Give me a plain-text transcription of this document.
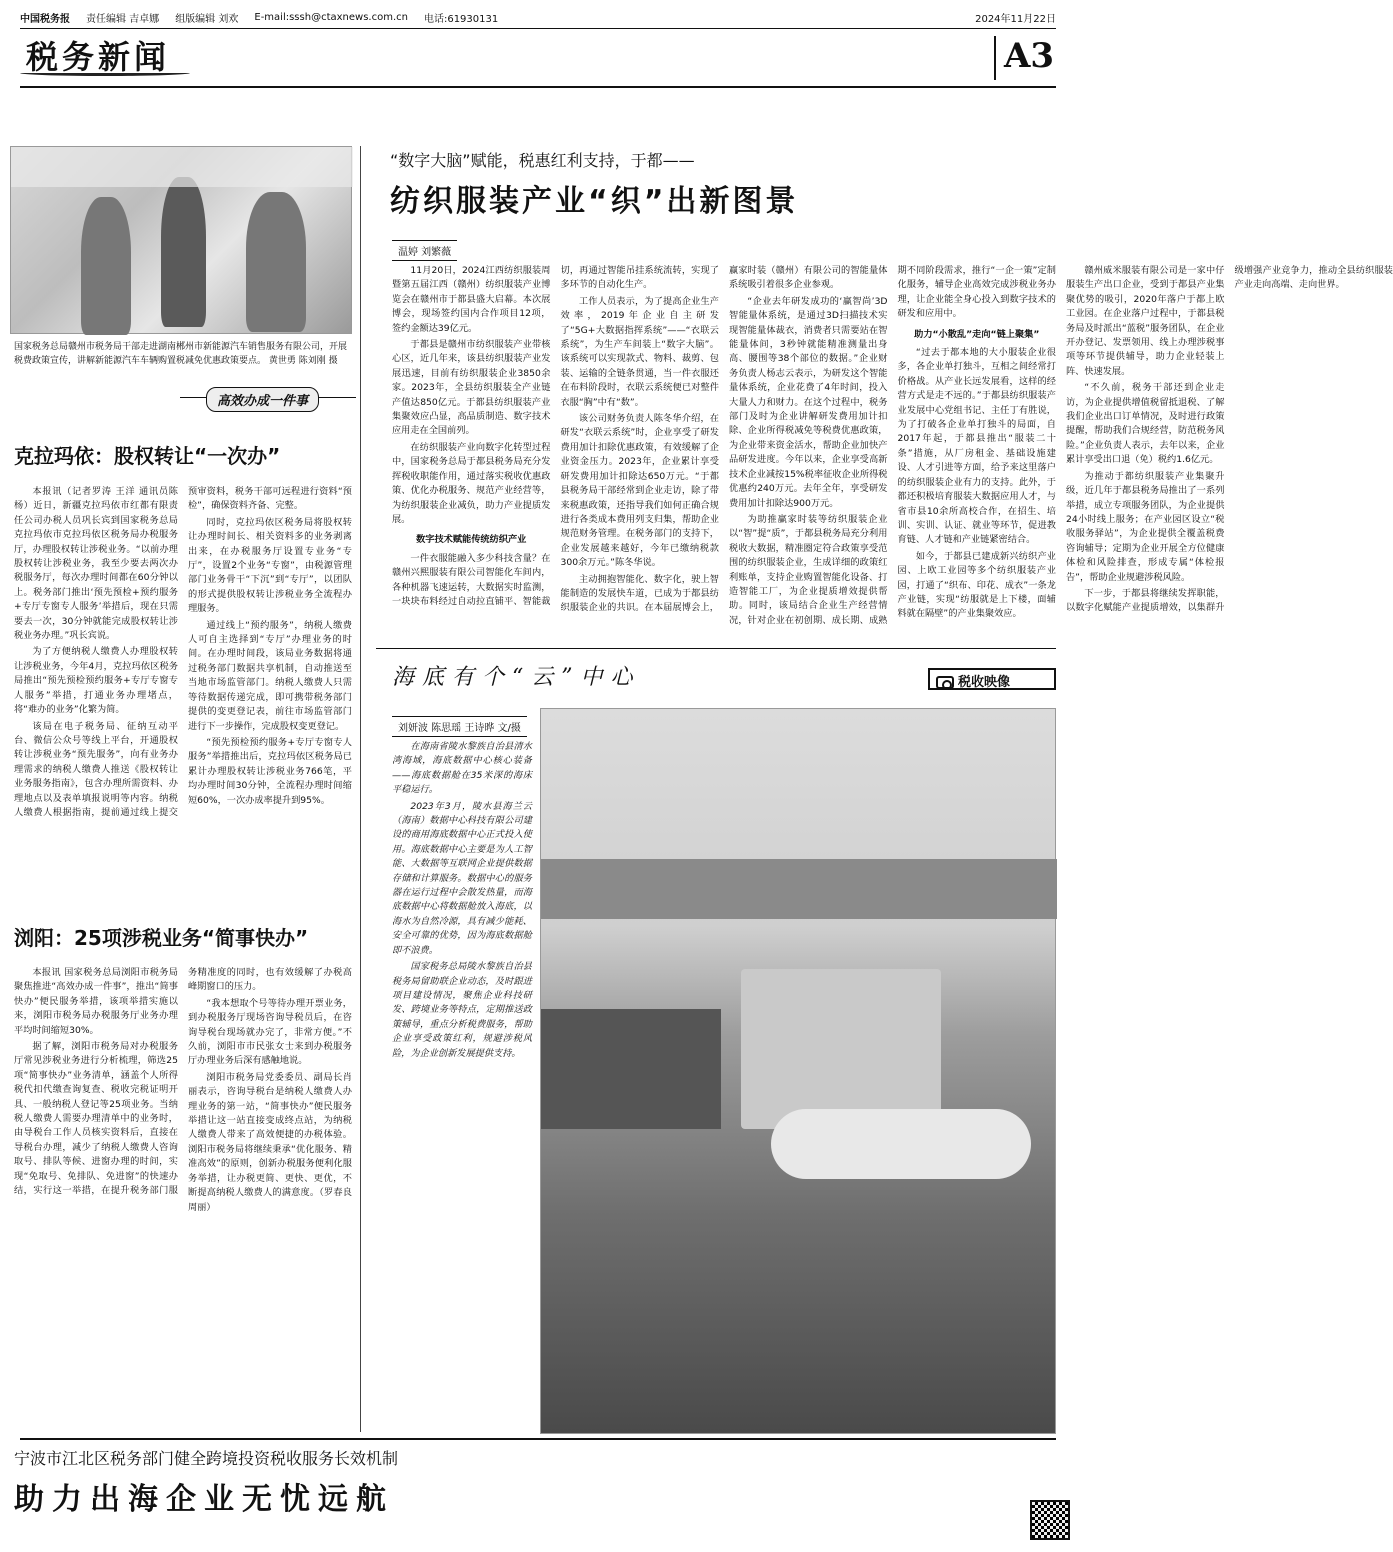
中国税务报 责任编辑 吉卓娜 组版编辑 刘欢 E-mail:sssh@ctaxnews.com.cn 电话:61930131	2024年11月22日
税务新闻	A3
国家税务总局赣州市税务局干部走进湖南郴州市新能源汽车销售服务有限公司，开展税费政策宣传，讲解新能源汽车车辆购置税减免优惠政策要点。 黄世勇 陈刘刚 摄
高效办成一件事
克拉玛依：股权转让“一次办”

本报讯（记者罗涛 王洋 通讯员陈杨）近日，新疆克拉玛依市红都有限责任公司办税人员巩长宾到国家税务总局克拉玛依市克拉玛依区税务局办税服务厅，办理股权转让涉税业务。“以前办理股权转让涉税业务，我至少要去两次办税服务厅，每次办理时间都在60分钟以上。税务部门推出‘预先预检+预约服务+专厅专窗专人服务’举措后，现在只需要去一次，30分钟就能完成股权转让涉税业务办理。”巩长宾说。

为了方便纳税人缴费人办理股权转让涉税业务，今年4月，克拉玛依区税务局推出“预先预检预约服务+专厅专窗专人服务”举措，打通业务办理堵点，将“难办的业务”化繁为简。

该局在电子税务局、征纳互动平台、微信公众号等线上平台，开通股权转让涉税业务“预先服务”，向有业务办理需求的纳税人缴费人推送《股权转让业务服务指南》，包含办理所需资料、办理地点以及表单填报说明等内容。纳税人缴费人根据指南，提前通过线上提交预审资料，税务干部可远程进行资料“预检”，确保资料齐备、完整。

同时，克拉玛依区税务局将股权转让办理时间长、相关资料多的业务剥离出来，在办税服务厅设置专业务“专厅”，设置2个业务“专窗”，由税源管理部门业务骨干“下沉”到“专厅”，以团队的形式提供股权转让涉税业务全流程办理服务。

通过线上“预约服务”，纳税人缴费人可自主选择到“专厅”办理业务的时间。在办理时间段，该局业务数据将通过税务部门数据共享机制，自动推送至当地市场监管部门。纳税人缴费人只需等待数据传递完成，即可携带税务部门提供的变更登记表，前往市场监管部门进行下一步操作，完成股权变更登记。

“预先预检预约服务+专厅专窗专人服务”举措推出后，克拉玛依区税务局已累计办理股权转让涉税业务766笔，平均办理时间30分钟，全流程办理时间缩短60%，一次办成率提升到95%。

浏阳：25项涉税业务“简事快办”

本报讯 国家税务总局浏阳市税务局聚焦推进“高效办成一件事”，推出“简事快办”便民服务举措，该项举措实施以来，浏阳市税务局办税服务厅业务办理平均时间缩短30%。

据了解，浏阳市税务局对办税服务厅常见涉税业务进行分析梳理，筛选25项“简事快办”业务清单，涵盖个人所得税代扣代缴查询复查、税收完税证明开具、一般纳税人登记等25项业务。当纳税人缴费人需要办理清单中的业务时，由导税台工作人员核实资料后，直接在导税台办理，减少了纳税人缴费人咨询取号、排队等候、进窗办理的时间，实现“免取号、免排队、免进窗”的快速办结，实行这一举措，在提升税务部门服务精准度的同时，也有效缓解了办税高峰期窗口的压力。

“我本想取个号等待办理开票业务，到办税服务厅现场咨询导税员后，在咨询导税台现场就办完了，非常方便。”不久前，浏阳市市民张女士来到办税服务厅办理业务后深有感触地说。

浏阳市税务局党委委员、副局长肖丽表示，咨询导税台是纳税人缴费人办理业务的第一站，“简事快办”便民服务举措让这一站直接变成终点站，为纳税人缴费人带来了高效便捷的办税体验。浏阳市税务局将继续秉承“优化服务、精准高效”的原则，创新办税服务便利化服务举措，让办税更简、更快、更优，不断提高纳税人缴费人的满意度。（罗春良 周丽）

“数字大脑”赋能，税惠红利支持，于都——
纺织服装产业“织”出新图景
温婷 刘繁薇

11月20日，2024江西纺织服装周暨第五届江西（赣州）纺织服装产业博览会在赣州市于都县盛大启幕。本次展博会，现场签约国内合作项目12项，签约金额达39亿元。

于都县是赣州市纺织服装产业带核心区，近几年来，该县纺织服装产业发展迅速，目前有纺织服装企业3850余家。2023年，全县纺织服装全产业链产值达850亿元。于都县纺织服装产业集聚效应凸显，高品质制造、数字技术应用走在全国前列。

在纺织服装产业向数字化转型过程中，国家税务总局于都县税务局充分发挥税收职能作用，通过落实税收优惠政策、优化办税服务、规范产业经营等，为纺织服装企业减负，助力产业提质发展。

数字技术赋能传统纺织产业

一件衣服能融入多少科技含量？在赣州兴熙服装有限公司智能化车间内，各种机器飞速运转，大数据实时监测，一块块布料经过自动拉直铺平、智能裁切，再通过智能吊挂系统流转，实现了多环节的自动化生产。

工作人员表示，为了提高企业生产效率，2019年企业自主研发了“5G+大数据指挥系统”——“衣联云系统”，为生产车间装上“数字大脑”。该系统可以实现款式、物料、裁剪、包装、运输的全链条贯通，当一件衣服还在布料阶段时，衣联云系统便已对整件衣服“胸”中有“数”。

该公司财务负责人陈冬华介绍，在研发“衣联云系统”时，企业享受了研发费用加计扣除优惠政策，有效缓解了企业资金压力。2023年，企业累计享受研发费用加计扣除达650万元。“于都县税务局干部经常到企业走访，除了带来税惠政策，还指导我们如何正确合规进行各类成本费用列支归集，帮助企业规范财务管理。在税务部门的支持下，企业发展越来越好，今年已缴纳税款300余万元。”陈冬华说。

主动拥抱智能化、数字化，驶上智能制造的发展快车道，已成为于都县纺织服装企业的共识。在本届展博会上，赢家时装（赣州）有限公司的智能量体系统吸引着很多企业参观。

“企业去年研发成功的‘赢智尚’3D智能量体系统，是通过3D扫描技术实现智能量体裁衣，消费者只需要站在智能量体间，3秒钟就能精准测量出身高、腰围等38个部位的数据。”企业财务负责人杨志云表示，为研发这个智能量体系统，企业花费了4年时间，投入大量人力和财力。在这个过程中，税务部门及时为企业讲解研发费用加计扣除、企业所得税减免等税费优惠政策，为企业带来资金活水，帮助企业加快产品研发进度。今年以来，企业享受高新技术企业减按15%税率征收企业所得税优惠约240万元。去年全年，享受研发费用加计扣除达900万元。

为助推赢家时装等纺织服装企业以“智”提“质”，于都县税务局充分利用税收大数据，精准圈定符合政策享受范围的纺织服装企业，生成详细的政策红利账单，支持企业购置智能化设备、打造智能工厂，为企业提质增效提供帮助。同时，该局结合企业生产经营情况，针对企业在初创期、成长期、成熟期不同阶段需求，推行“一企一策”定制化服务，辅导企业高效完成涉税业务办理，让企业能全身心投入到数字技术的研发和应用中。

助力“小散乱”走向“链上聚集”

“过去于都本地的大小服装企业很多，各企业单打独斗，互相之间经常打价格战。从产业长远发展看，这样的经营方式是走不远的。”于都县纺织服装产业发展中心党组书记、主任丁有胜说，为了打破各企业单打独斗的局面，自2017年起，于都县推出“服装二十条”措施，从厂房租金、基础设施建设、人才引进等方面，给予来这里落户的纺织服装企业有力的支持。此外，于都还积极培育服装大数据应用人才，与省市县10余所高校合作，在招生、培训、实训、认证、就业等环节，促进教育链、人才链和产业链紧密结合。

如今，于都县已建成新兴纺织产业园、上欧工业园等多个纺织服装产业园，打通了“织布、印花、成衣”一条龙产业链，实现“纺服就是上下楼，面辅料就在隔壁”的产业集聚效应。

赣州威米服装有限公司是一家中仔服装生产出口企业，受到于都县产业集聚优势的吸引，2020年落户于都上欧工业园。在企业落户过程中，于都县税务局及时派出“蓝税”服务团队，在企业开办登记、发票领用、线上办理涉税事项等环节提供辅导，助力企业轻装上阵、快速发展。

“不久前，税务干部还到企业走访，为企业提供增值税留抵退税、了解我们企业出口订单情况，及时进行政策提醒，帮助我们合规经营，防范税务风险。”企业负责人表示，去年以来，企业累计享受出口退（免）税约1.6亿元。

为推动于都纺织服装产业集聚升级，近几年于都县税务局推出了一系列举措，成立专项服务团队，为企业提供24小时线上服务；在产业园区设立“税收服务驿站”，为企业提供全覆盖税费咨询辅导；定期为企业开展全方位健康体检和风险排查，形成专属“体检报告”，帮助企业规避涉税风险。

下一步，于都县将继续发挥职能，以数字化赋能产业提质增效，以集群升级增强产业竞争力，推动全县纺织服装产业走向高端、走向世界。

海底有个“云”中心	税收映像
刘妍波 陈思瑶 王诗晔 文/摄

在海南省陵水黎族自治县清水湾海域，海底数据中心核心装备——海底数据舱在35米深的海床平稳运行。

2023年3月，陵水县海兰云（海南）数据中心科技有限公司建设的商用海底数据中心正式投入使用。海底数据中心主要是为人工智能、大数据等互联网企业提供数据存储和计算服务。数据中心的服务器在运行过程中会散发热量，而海底数据中心将数据舱放入海底，以海水为自然冷源，具有减少能耗、安全可靠的优势，因为海底数据舱即不浪费。

国家税务总局陵水黎族自治县税务局留助联企业动态，及时跟进项目建设情况，聚焦企业科技研发、跨境业务等特点，定期推送政策辅导，重点分析税费服务，帮助企业享受政策红利，规避涉税风险，为企业创新发展提供支持。

宁波市江北区税务部门健全跨境投资税收服务长效机制
助力出海企业无忧远航
